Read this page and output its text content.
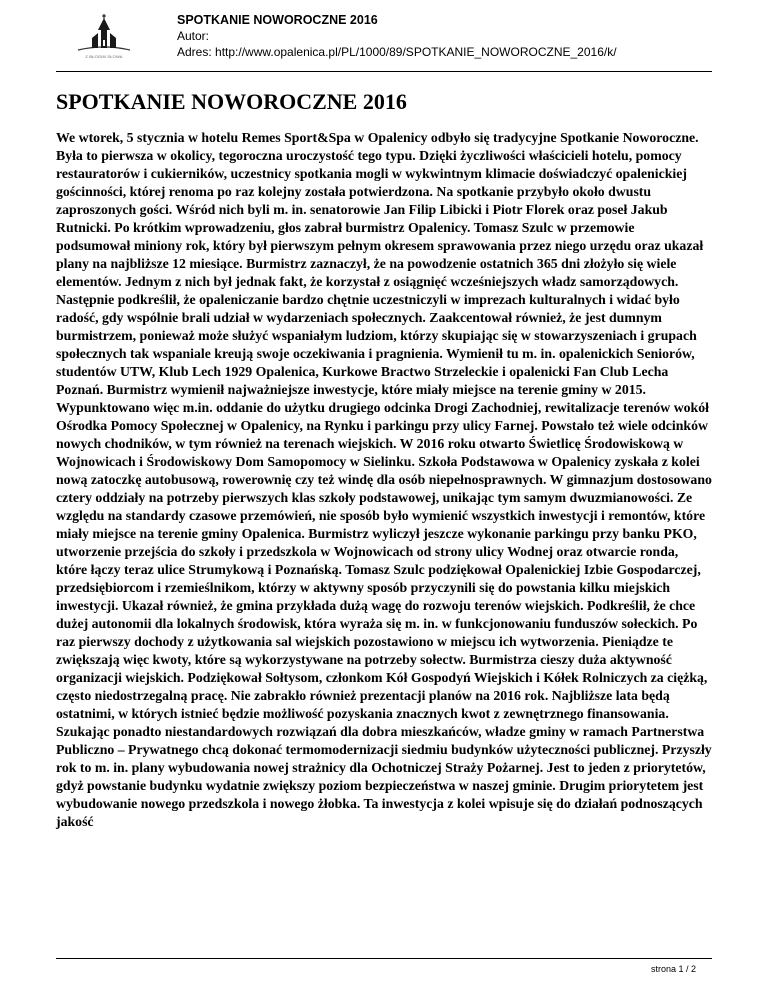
Z BŁOGIM SŁOWA
SPOTKANIE NOWOROCZNE 2016
Autor:
Adres: http://www.opalenica.pl/PL/1000/89/SPOTKANIE_NOWOROCZNE_2016/k/
SPOTKANIE NOWOROCZNE 2016

We wtorek, 5 stycznia w hotelu Remes Sport&Spa w Opalenicy odbyło się tradycyjne Spotkanie Noworoczne. Była to pierwsza w okolicy, tegoroczna uroczystość tego typu. Dzięki życzliwości właścicieli hotelu, pomocy restauratorów i cukierników, uczestnicy spotkania mogli w wykwintnym klimacie doświadczyć opalenickiej gościnności, której renoma po raz kolejny została potwierdzona. Na spotkanie przybyło około dwustu zaproszonych gości. Wśród nich byli m. in. senatorowie Jan Filip Libicki i Piotr Florek oraz poseł Jakub Rutnicki. Po krótkim wprowadzeniu, głos zabrał burmistrz Opalenicy. Tomasz Szulc w przemowie podsumował miniony rok, który był pierwszym pełnym okresem sprawowania przez niego urzędu oraz ukazał plany na najbliższe 12 miesiące. Burmistrz zaznaczył, że na powodzenie ostatnich 365 dni złożyło się wiele elementów. Jednym z nich był jednak fakt, że korzystał z osiągnięć wcześniejszych władz samorządowych. Następnie podkreślił, że opaleniczanie bardzo chętnie uczestniczyli w imprezach kulturalnych i widać było radość, gdy wspólnie brali udział w wydarzeniach społecznych. Zaakcentował również, że jest dumnym burmistrzem, ponieważ może służyć wspaniałym ludziom, którzy skupiając się w stowarzyszeniach i grupach społecznych tak wspaniale kreują swoje oczekiwania i pragnienia. Wymienił tu m. in. opalenickich Seniorów, studentów UTW, Klub Lech 1929 Opalenica, Kurkowe Bractwo Strzeleckie i opalenicki Fan Club Lecha Poznań. Burmistrz wymienił najważniejsze inwestycje, które miały miejsce na terenie gminy w 2015. Wypunktowano więc m.in. oddanie do użytku drugiego odcinka Drogi Zachodniej, rewitalizacje terenów wokół Ośrodka Pomocy Społecznej w Opalenicy, na Rynku i parkingu przy ulicy Farnej. Powstało też wiele odcinków nowych chodników, w tym również na terenach wiejskich. W 2016 roku otwarto Świetlicę Środowiskową w Wojnowicach i Środowiskowy Dom Samopomocy w Sielinku. Szkoła Podstawowa w Opalenicy zyskała z kolei nową zatoczkę autobusową, rowerownię czy też windę dla osób niepełnosprawnych. W gimnazjum dostosowano cztery oddziały na potrzeby pierwszych klas szkoły podstawowej, unikając tym samym dwuzmianowości. Ze względu na standardy czasowe przemówień, nie sposób było wymienić wszystkich inwestycji i remontów, które miały miejsce na terenie gminy Opalenica. Burmistrz wyliczył jeszcze wykonanie parkingu przy banku PKO, utworzenie przejścia do szkoły i przedszkola w Wojnowicach od strony ulicy Wodnej oraz otwarcie ronda, które łączy teraz ulice Strumykową i Poznańską. Tomasz Szulc podziękował Opalenickiej Izbie Gospodarczej, przedsiębiorcom i rzemieślnikom, którzy w aktywny sposób przyczynili się do powstania kilku miejskich inwestycji. Ukazał również, że gmina przykłada dużą wagę do rozwoju terenów wiejskich. Podkreślił, że chce dużej autonomii dla lokalnych środowisk, która wyraża się m. in. w funkcjonowaniu funduszów sołeckich. Po raz pierwszy dochody z użytkowania sal wiejskich pozostawiono w miejscu ich wytworzenia. Pieniądze te zwiększają więc kwoty, które są wykorzystywane na potrzeby sołectw. Burmistrza cieszy duża aktywność organizacji wiejskich. Podziękował Sołtysom, członkom Kół Gospodyń Wiejskich i Kółek Rolniczych za ciężką, często niedostrzegalną pracę. Nie zabrakło również prezentacji planów na 2016 rok. Najbliższe lata będą ostatnimi, w których istnieć będzie możliwość pozyskania znacznych kwot z zewnętrznego finansowania. Szukając ponadto niestandardowych rozwiązań dla dobra mieszkańców, władze gminy w ramach Partnerstwa Publiczno – Prywatnego chcą dokonać termomodernizacji siedmiu budynków użyteczności publicznej. Przyszły rok to m. in. plany wybudowania nowej strażnicy dla Ochotniczej Straży Pożarnej. Jest to jeden z priorytetów, gdyż powstanie budynku wydatnie zwiększy poziom bezpieczeństwa w naszej gminie. Drugim priorytetem jest wybudowanie nowego przedszkola i nowego żłobka. Ta inwestycja z kolei wpisuje się do działań podnoszących jakość

strona 1 / 2
